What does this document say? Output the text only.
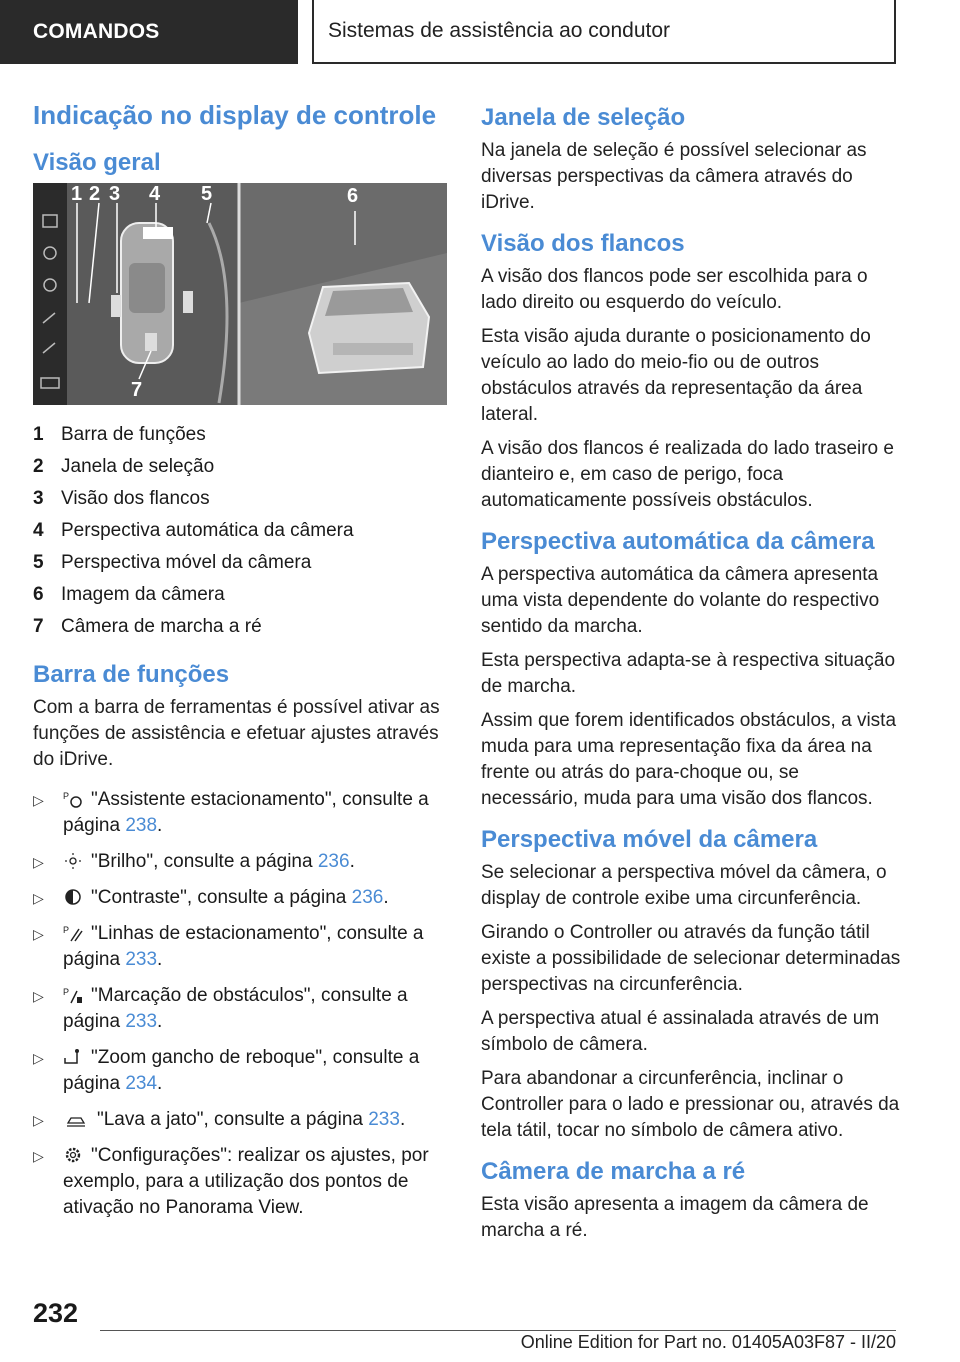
COMANDOS	Sistemas de assistência ao condutor
Indicação no display de controle
Visão geral
1 2 3 4 5	6
7
1 Barra de funções
2 Janela de seleção
3 Visão dos flancos
4 Perspectiva automática da câmera
5 Perspectiva móvel da câmera
6 Imagem da câmera
7 Câmera de marcha a ré
Barra de funções

Com a barra de ferramentas é possível ativar as funções de assistência e efetuar ajustes através do iDrive.

▷ P "Assistente estacionamento", consulte a página 238.
▷ "Brilho", consulte a página 236.
▷ "Contraste", consulte a página 236.
▷ P "Linhas de estacionamento", consulte a página 233.
▷ P "Marcação de obstáculos", consulte a página 233.
▷ "Zoom gancho de reboque", consulte a página 234.
▷	"Lava a jato", consulte a página 233.
▷ "Configurações": realizar os ajustes, por exemplo, para a utilização dos pontos de ativação no Panorama View.
Janela de seleção

Na janela de seleção é possível selecionar as diversas perspectivas da câmera através do iDrive.

Visão dos flancos

A visão dos flancos pode ser escolhida para o lado direito ou esquerdo do veículo.

Esta visão ajuda durante o posicionamento do veículo ao lado do meio-fio ou de outros obstáculos através da representação da área lateral.

A visão dos flancos é realizada do lado traseiro e dianteiro e, em caso de perigo, foca automaticamente possíveis obstáculos.

Perspectiva automática da câmera

A perspectiva automática da câmera apresenta uma vista dependente do volante do respectivo sentido da marcha.

Esta perspectiva adapta-se à respectiva situação de marcha.

Assim que forem identificados obstáculos, a vista muda para uma representação fixa da área na frente ou atrás do para-choque ou, se necessário, muda para uma visão dos flancos.

Perspectiva móvel da câmera

Se selecionar a perspectiva móvel da câmera, o display de controle exibe uma circunferência.

Girando o Controller ou através da função tátil existe a possibilidade de selecionar determinadas perspectivas na circunferência.

A perspectiva atual é assinalada através de um símbolo de câmera.

Para abandonar a circunferência, inclinar o Controller para o lado e pressionar ou, através da tela tátil, tocar no símbolo de câmera ativo.

Câmera de marcha a ré

Esta visão apresenta a imagem da câmera de marcha a ré.

232
Online Edition for Part no. 01405A03F87 - II/20
